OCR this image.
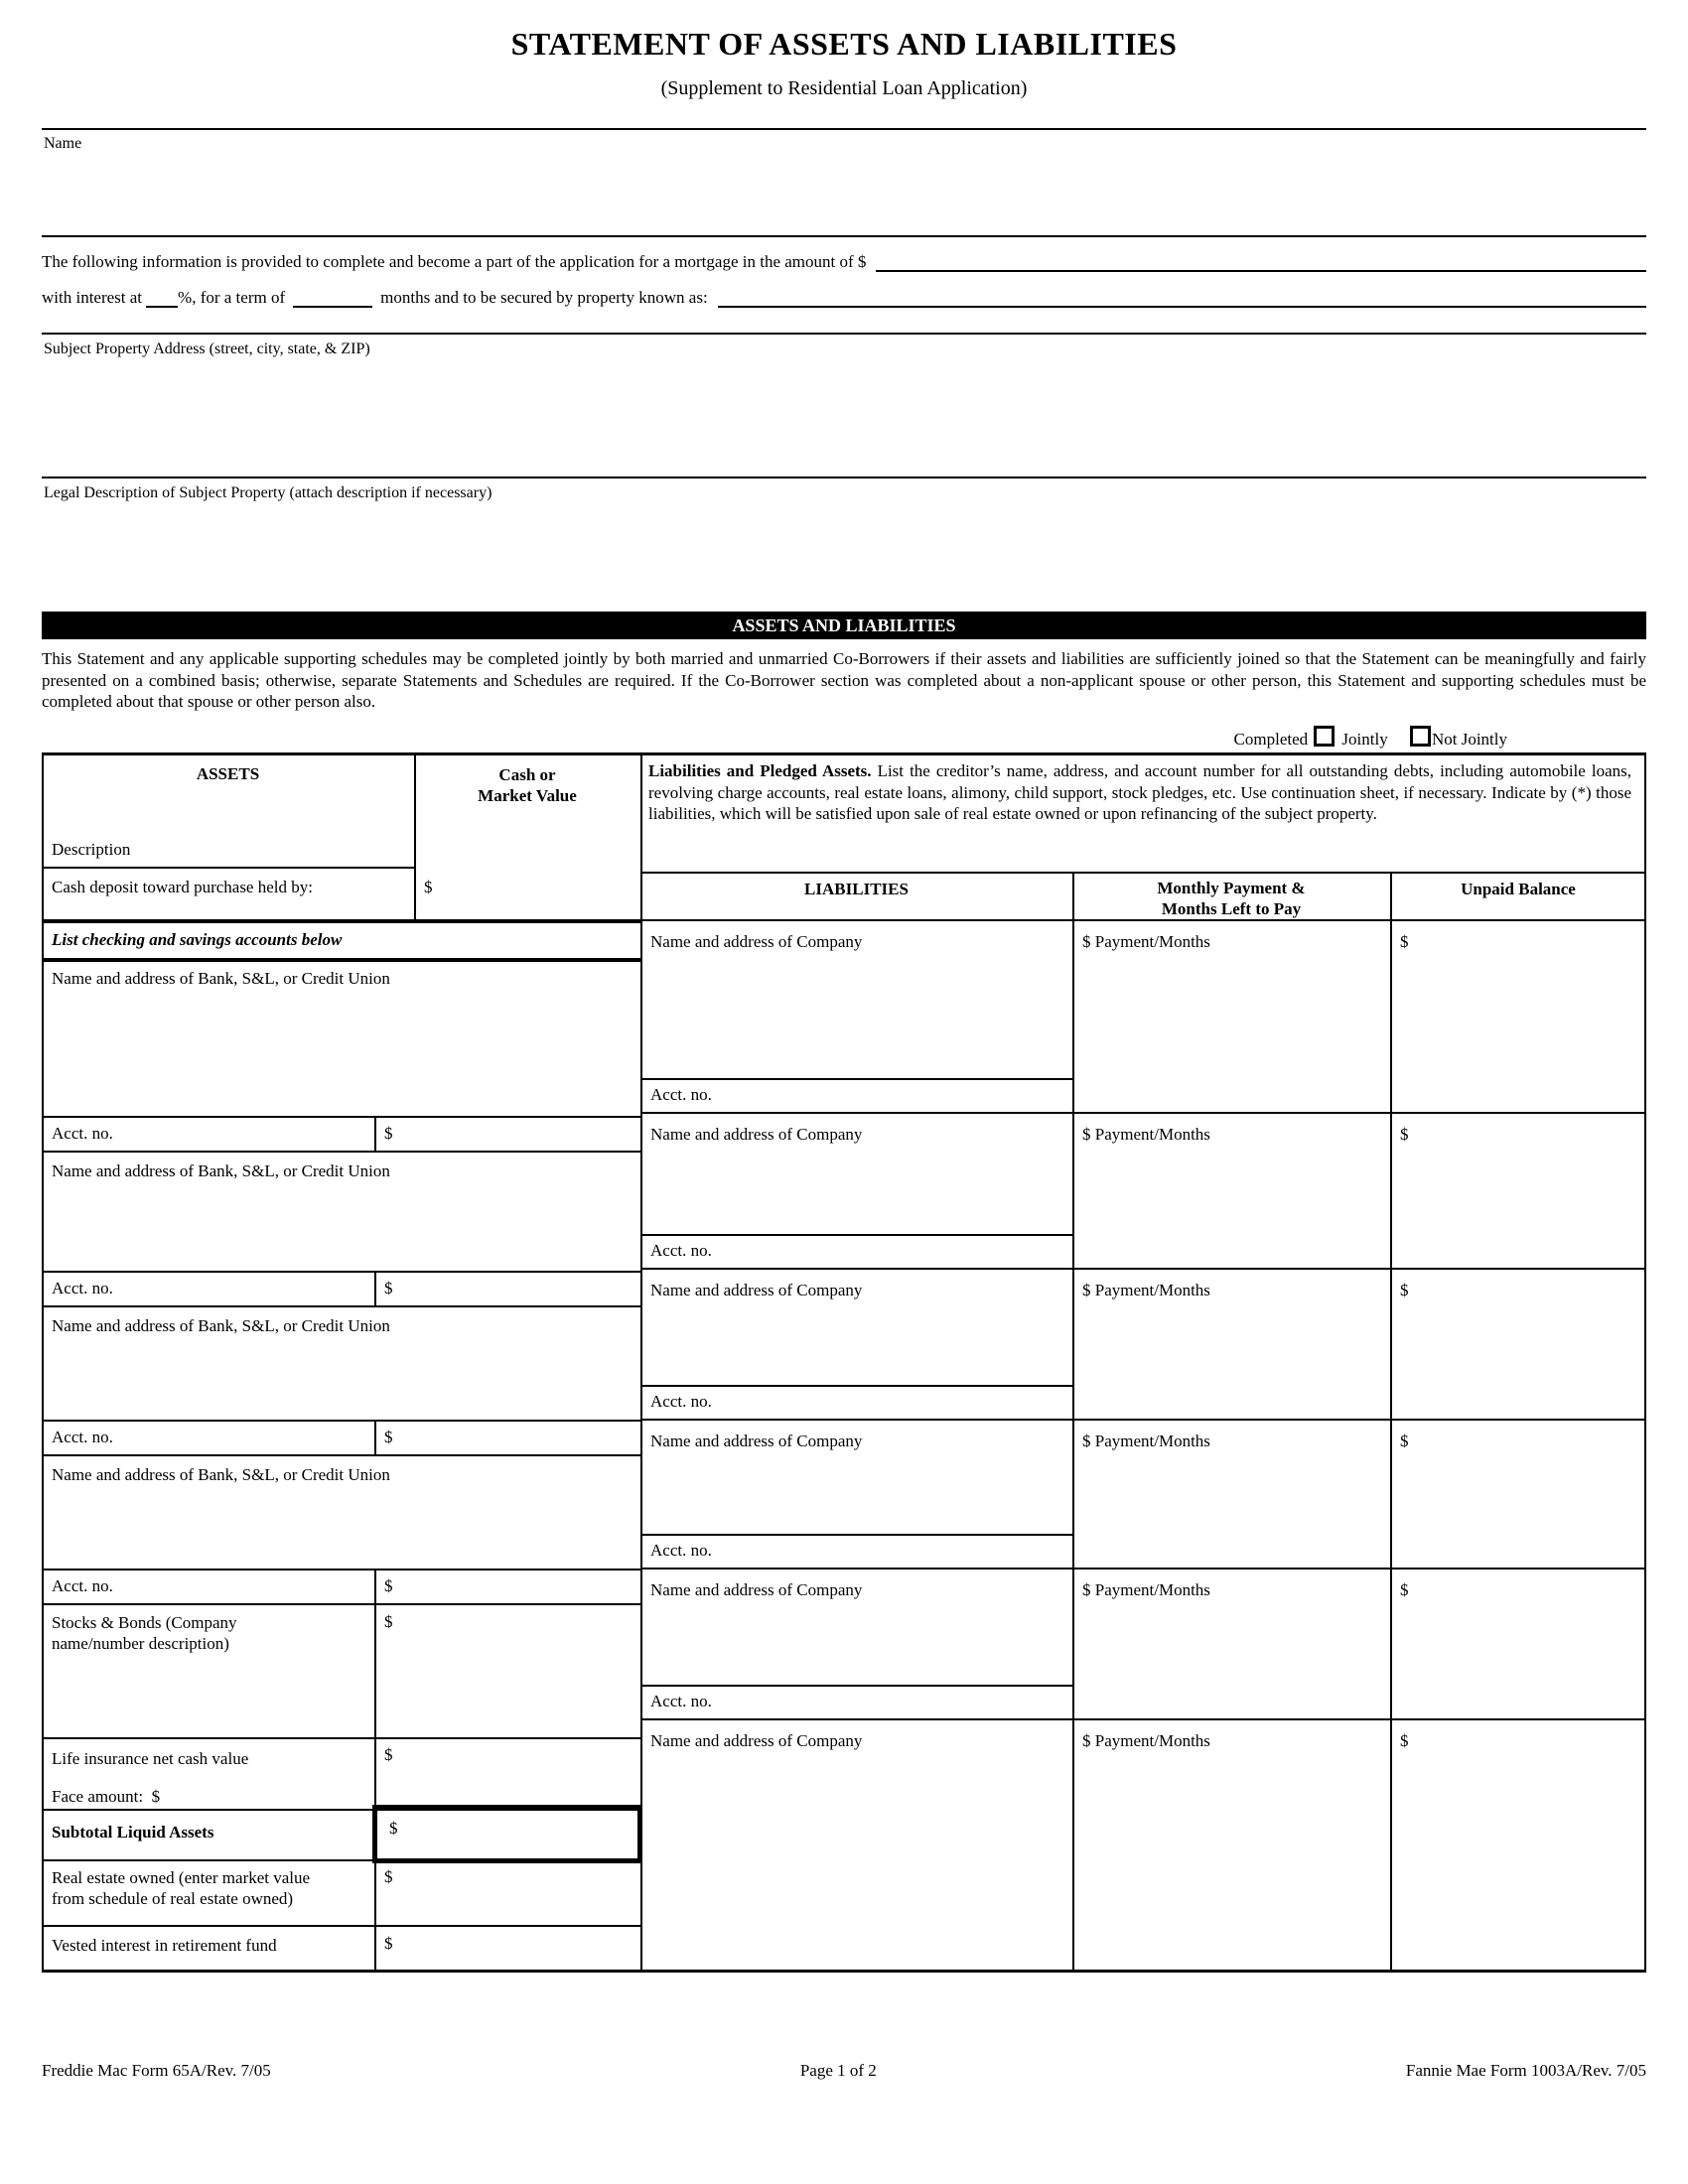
STATEMENT OF ASSETS AND LIABILITIES
(Supplement to Residential Loan Application)
Name
The following information is provided to complete and become a part of the application for a mortgage in the amount of $
with interest at %, for a term of	months and to be secured by property known as:
Subject Property Address (street, city, state, & ZIP)
Legal Description of Subject Property (attach description if necessary)
ASSETS AND LIABILITIES
This Statement and any applicable supporting schedules may be completed jointly by both married and unmarried Co-Borrowers if their assets and liabilities are sufficiently joined so that the Statement can be meaningfully and fairly presented on a combined basis; otherwise, separate Statements and Schedules are required. If the Co-Borrower section was completed about a non-applicant spouse or other person, this Statement and supporting schedules must be completed about that spouse or other person also.
Completed Jointly	Not Jointly
ASSETS	Cash or
Market Value
Description
Cash deposit toward purchase held by:	$
Liabilities and Pledged Assets. List the creditor’s name, address, and account number for all outstanding debts, including automobile loans, revolving charge accounts, real estate loans, alimony, child support, stock pledges, etc. Use continuation sheet, if necessary. Indicate by (*) those liabilities, which will be satisfied upon sale of real estate owned or upon refinancing of the subject property.
LIABILITIES	Monthly Payment &
Months Left to Pay
Unpaid Balance
List checking and savings accounts below
Name and address of Bank, S&L, or Credit Union
Acct. no.	$
Name and address of Bank, S&L, or Credit Union
Acct. no.	$
Name and address of Bank, S&L, or Credit Union
Acct. no.	$
Name and address of Bank, S&L, or Credit Union
Acct. no.	$
Stocks & Bonds (Company
name/number description)
$
Life insurance net cash value	$
Face amount: $
Subtotal Liquid Assets	$
Real estate owned (enter market value
from schedule of real estate owned)
$
Vested interest in retirement fund	$
Name and address of Company	$ Payment/Months	$
Acct. no.
Name and address of Company	$ Payment/Months	$
Acct. no.
Name and address of Company	$ Payment/Months	$
Acct. no.
Name and address of Company	$ Payment/Months	$
Acct. no.
Name and address of Company	$ Payment/Months	$
Acct. no.
Name and address of Company	$ Payment/Months	$
Freddie Mac Form 65A/Rev. 7/05	Page 1 of 2	Fannie Mae Form 1003A/Rev. 7/05
